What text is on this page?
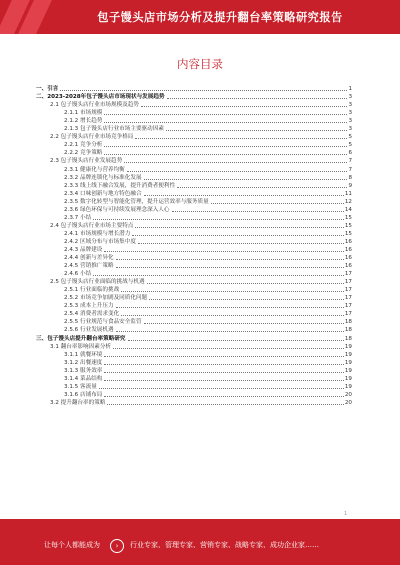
包子馒头店市场分析及提升翻台率策略研究报告
内容目录
一、引言	1
二、2023-2028年包子馒头店市场现状与发展趋势	3
2.1 包子馒头店行业市场规模及趋势	3
2.1.1 市场规模	3
2.1.2 增长趋势	3
2.1.3 包子馒头店行业市场主要驱动因素	3
2.2 包子馒头店行业市场竞争格局	5
2.2.1 竞争分析	5
2.2.2 竞争策略	6
2.3 包子馒头店行业发展趋势	7
2.3.1 健康化与营养均衡	7
2.3.2 品牌连锁化与标准化发展	8
2.3.3 线上线下融合发展，提升消费者便利性	9
2.3.4 口味创新与地方特色融合	11
2.3.5 数字化转型与智能化管理，提升运营效率与服务质量	12
2.3.6 绿色环保与可持续发展理念深入人心	14
2.3.7 小结	15
2.4 包子馒头店行业市场主要特点	15
2.4.1 市场规模与增长潜力	15
2.4.2 区域分布与市场集中度	16
2.4.3 品牌建设	16
2.4.4 创新与差异化	16
2.4.5 营销推广策略	16
2.4.6 小结	17
2.5 包子馒头店行业面临的挑战与机遇	17
2.5.1 行业面临的挑战	17
2.5.2 市场竞争加剧及同质化问题	17
2.5.3 成本上升压力	17
2.5.4 消费者需求变化	17
2.5.5 行业规范与食品安全监管	18
2.5.6 行业发展机遇	18
三、包子馒头店提升翻台率策略研究	18
3.1 翻台率影响因素分析	19
3.1.1 就餐环境	19
3.1.2 出餐速度	19
3.1.3 服务效率	19
3.1.4 菜品结构	19
3.1.5 客流量	19
3.1.6 店铺布局	20
3.2 提升翻台率的策略	20
1
让每个人都能成为	›	行业专家、管理专家、营销专家、战略专家、成功企业家……
